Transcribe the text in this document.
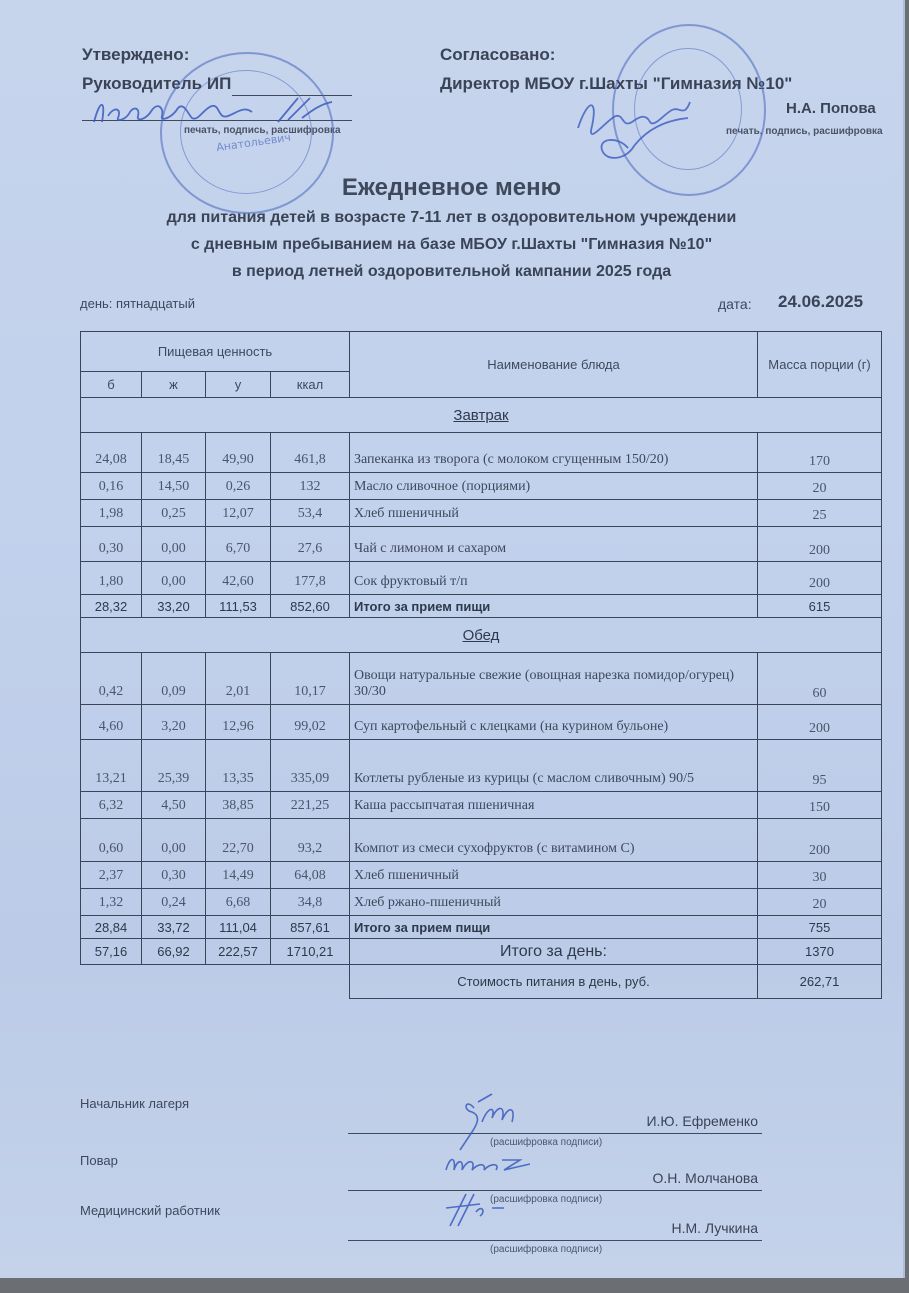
Утверждено:
Руководитель ИП
печать, подпись, расшифровка
Анатольевич
Согласовано:
Директор МБОУ г.Шахты "Гимназия №10"
Н.А. Попова
печать, подпись, расшифровка
Ежедневное меню
для питания детей в возрасте 7-11 лет в оздоровительном учреждении
с дневным пребыванием на базе МБОУ г.Шахты "Гимназия №10"
в период летней оздоровительной кампании 2025 года
день: пятнадцатый	дата: 24.06.2025
Пищевая ценность				Наименование блюда	Масса порции (г)
б	ж	у	ккал		
Завтрак					
24,08	18,45	49,90	461,8	Запеканка из творога (с молоком сгущенным 150/20)	170
0,16	14,50	0,26	132	Масло сливочное (порциями)	20
1,98	0,25	12,07	53,4	Хлеб пшеничный	25
0,30	0,00	6,70	27,6	Чай с лимоном и сахаром	200
1,80	0,00	42,60	177,8	Сок фруктовый т/п	200
28,32	33,20	111,53	852,60	Итого за прием пищи	615
Обед					
0,42	0,09	2,01	10,17	Овощи натуральные свежие (овощная нарезка помидор/огурец) 30/30	60
4,60	3,20	12,96	99,02	Суп картофельный с клецками (на курином бульоне)	200
13,21	25,39	13,35	335,09	Котлеты рубленые из курицы (с маслом сливочным) 90/5	95
6,32	4,50	38,85	221,25	Каша рассыпчатая пшеничная	150
0,60	0,00	22,70	93,2	Компот из смеси сухофруктов (с витамином С)	200
2,37	0,30	14,49	64,08	Хлеб пшеничный	30
1,32	0,24	6,68	34,8	Хлеб ржано-пшеничный	20
28,84	33,72	111,04	857,61	Итого за прием пищи	755
57,16	66,92	222,57	1710,21	Итого за день:	1370
				Стоимость питания в день, руб.	262,71
Начальник лагеря
И.Ю. Ефременко
(расшифровка подписи)
Повар
О.Н. Молчанова
(расшифровка подписи)
Медицинский работник
Н.М. Лучкина
(расшифровка подписи)
